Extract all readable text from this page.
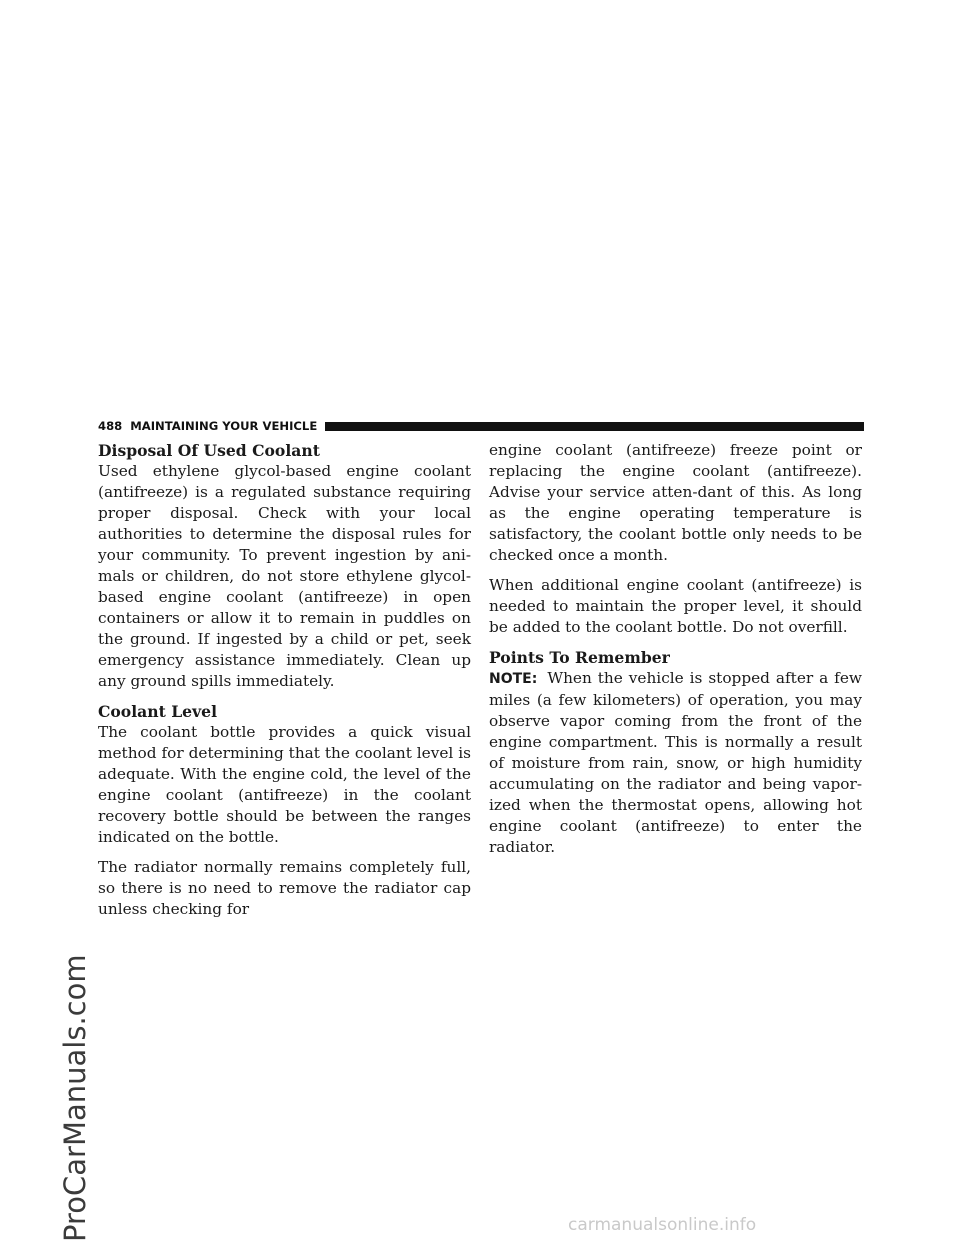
ProCarManuals.com
488 MAINTAINING YOUR VEHICLE
Disposal Of Used Coolant

Used ethylene glycol-based engine coolant (antifreeze) is a regulated substance requiring proper disposal. Check with your local authorities to determine the disposal rules for your community. To prevent ingestion by ani-mals or children, do not store ethylene glycol-based engine coolant (antifreeze) in open containers or allow it to remain in puddles on the ground. If ingested by a child or pet, seek emergency assistance immediately. Clean up any ground spills immediately.

Coolant Level

The coolant bottle provides a quick visual method for determining that the coolant level is adequate. With the engine cold, the level of the engine coolant (antifreeze) in the coolant recovery bottle should be between the ranges indicated on the bottle.

The radiator normally remains completely full, so there is no need to remove the radiator cap unless checking for

engine coolant (antifreeze) freeze point or replacing the engine coolant (antifreeze). Advise your service atten-dant of this. As long as the engine operating temperature is satisfactory, the coolant bottle only needs to be checked once a month.

When additional engine coolant (antifreeze) is needed to maintain the proper level, it should be added to the coolant bottle. Do not overfill.

Points To Remember

NOTE: When the vehicle is stopped after a few miles (a few kilometers) of operation, you may observe vapor coming from the front of the engine compartment. This is normally a result of moisture from rain, snow, or high humidity accumulating on the radiator and being vapor-ized when the thermostat opens, allowing hot engine coolant (antifreeze) to enter the radiator.

carmanualsonline.info
